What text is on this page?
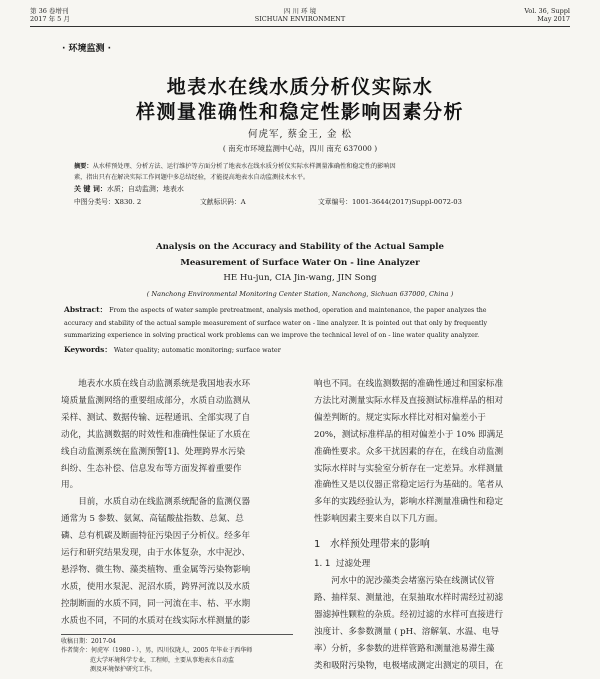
第 36 卷增刊
2017 年 5 月
四 川 环 境
SICHUAN ENVIRONMENT
Vol. 36, Suppl
May 2017
· 环境监测 ·
地表水在线水质分析仪实际水
样测量准确性和稳定性影响因素分析
何虎军, 蔡金王, 金 松
( 南充市环境监测中心站，四川 南充 637000 )
摘要：从水样预处理、分析方法、运行维护等方面分析了地表水在线水质分析仪实际水样测量准确性和稳定性的影响因
素，指出只有在解决实际工作问题中多总结经验，才能提高地表水自动监测技术水平。
关 键 词：水质；自动监测；地表水
中图分类号：X830. 2	文献标识码：A	文章编号：1001-3644(2017)Suppl-0072-03
Analysis on the Accuracy and Stability of the Actual Sample
Measurement of Surface Water On - line Analyzer
HE Hu-jun, CIA Jin-wang, JIN Song
( Nanchong Environmental Monitoring Center Station, Nanchong, Sichuan 637000, China )
Abstract： From the aspects of water sample pretreatment, analysis method, operation and maintenance, the paper analyzes the
accuracy and stability of the actual sample measurement of surface water on - line analyzer. It is pointed out that only by frequently
summarizing experience in solving practical work problems can we improve the technical level of on - line water quality analyzer.
Keywords： Water quality; automatic monitoring; surface water

地表水水质在线自动监测系统是我国地表水环

境质量监测网络的重要组成部分，水质自动监测从

采样、测试、数据传输、远程通讯、全部实现了自

动化，其监测数据的时效性和准确性保证了水质在

线自动监测系统在监测预警[1]、处理跨界水污染

纠纷、生态补偿、信息发布等方面发挥着重要作

用。

目前，水质自动在线监测系统配备的监测仪器

通常为 5 参数、氨氮、高锰酸盐指数、总氮、总

磷、总有机碳及断面特征污染因子分析仪。经多年

运行和研究结果发现，由于水体复杂，水中泥沙、

悬浮物、微生物、藻类植物、重金属等污染物影响

水质，使用水泵泥、泥沼水质，跨界河流以及水质

控制断面的水质不同，同一河流在丰、枯、平水期

水质也不同，不同的水质对在线实际水样测量的影

收稿日期：2017-04
作者简介：何虎军（1980 - ），男，四川仪陇人，2005 年毕业于西华师
范大学环境科学专业，工程师，主要从事地表水自动监
测及环境保护研究工作。

响也不同。在线监测数据的准确性通过和国家标准

方法比对测量实际水样及直接测试标准样品的相对

偏差判断的。规定实际水样比对相对偏差小于

20%，测试标准样品的相对偏差小于 10% 即满足

准确性要求。众多干扰因素的存在，在线自动监测

实际水样时与实验室分析存在一定差异。水样测量

准确性又是以仪器正常稳定运行为基础的。笔者从

多年的实践经验认为，影响水样测量准确性和稳定

性影响因素主要来自以下几方面。

1 水样预处理带来的影响

1. 1 过滤处理

河水中的泥沙藻类会堵塞污染在线测试仪管

路、抽样泵、测量池，在泵抽取水样时需经过初滤

器滤掉性颗粒的杂质。经初过滤的水样可直接进行

浊度计、多参数测量 ( pH、溶解氧、水温、电导

率）分析，多参数的进样管路和测量池易滞生藻

类和吸附污染物，电极堵成测定出测定的项目，在
